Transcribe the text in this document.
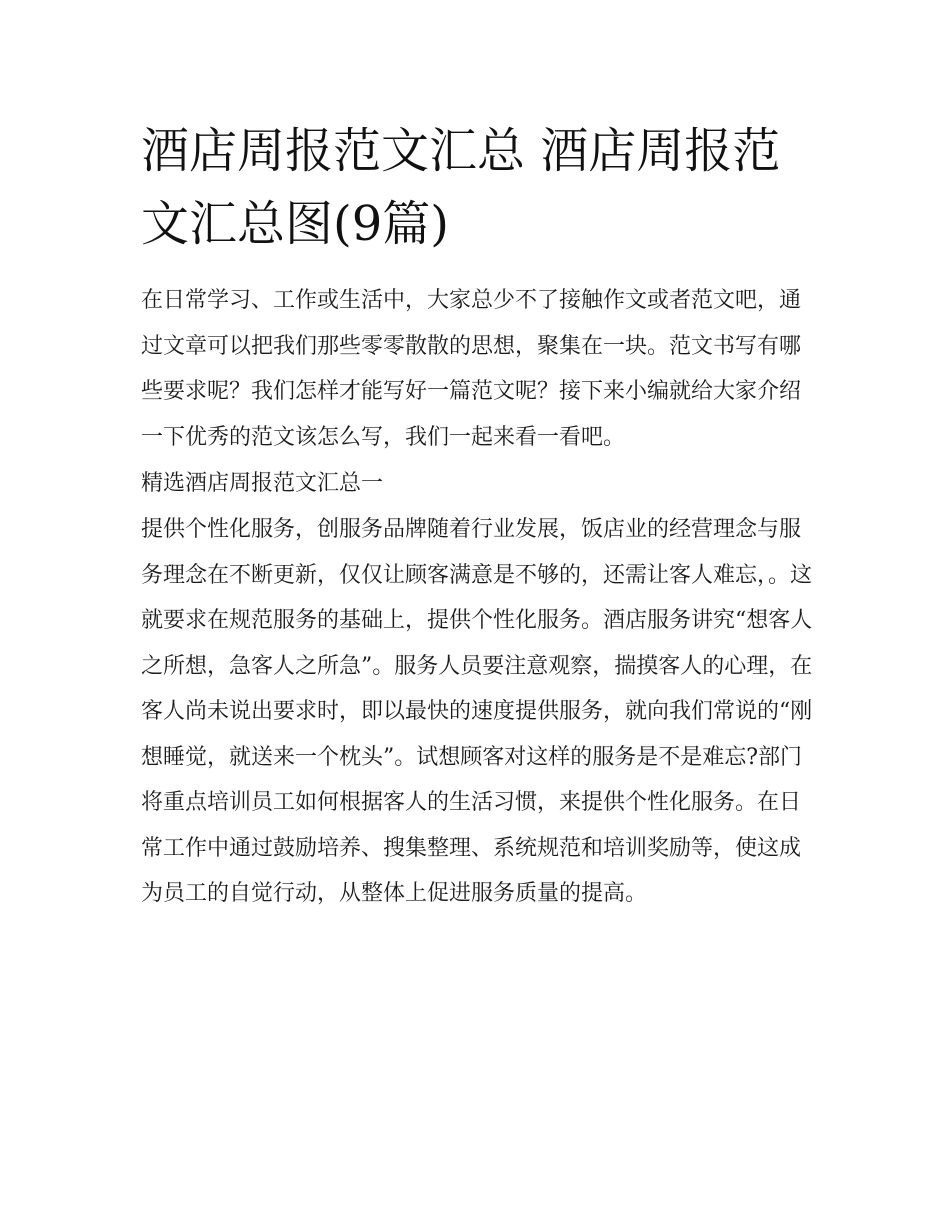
酒店周报范文汇总 酒店周报范文汇总图(9篇)

在日常学习、工作或生活中，大家总少不了接触作文或者范文吧，通过文章可以把我们那些零零散散的思想，聚集在一块。范文书写有哪些要求呢？我们怎样才能写好一篇范文呢？接下来小编就给大家介绍一下优秀的范文该怎么写，我们一起来看一看吧。

精选酒店周报范文汇总一

提供个性化服务，创服务品牌随着行业发展，饭店业的经营理念与服务理念在不断更新，仅仅让顾客满意是不够的，还需让客人难忘，。这就要求在规范服务的基础上，提供个性化服务。酒店服务讲究“想客人之所想，急客人之所急”。服务人员要注意观察，揣摸客人的心理，在客人尚未说出要求时，即以最快的速度提供服务，就向我们常说的“刚想睡觉，就送来一个枕头”。试想顾客对这样的服务是不是难忘?部门将重点培训员工如何根据客人的生活习惯，来提供个性化服务。在日常工作中通过鼓励培养、搜集整理、系统规范和培训奖励等，使这成为员工的自觉行动，从整体上促进服务质量的提高。
